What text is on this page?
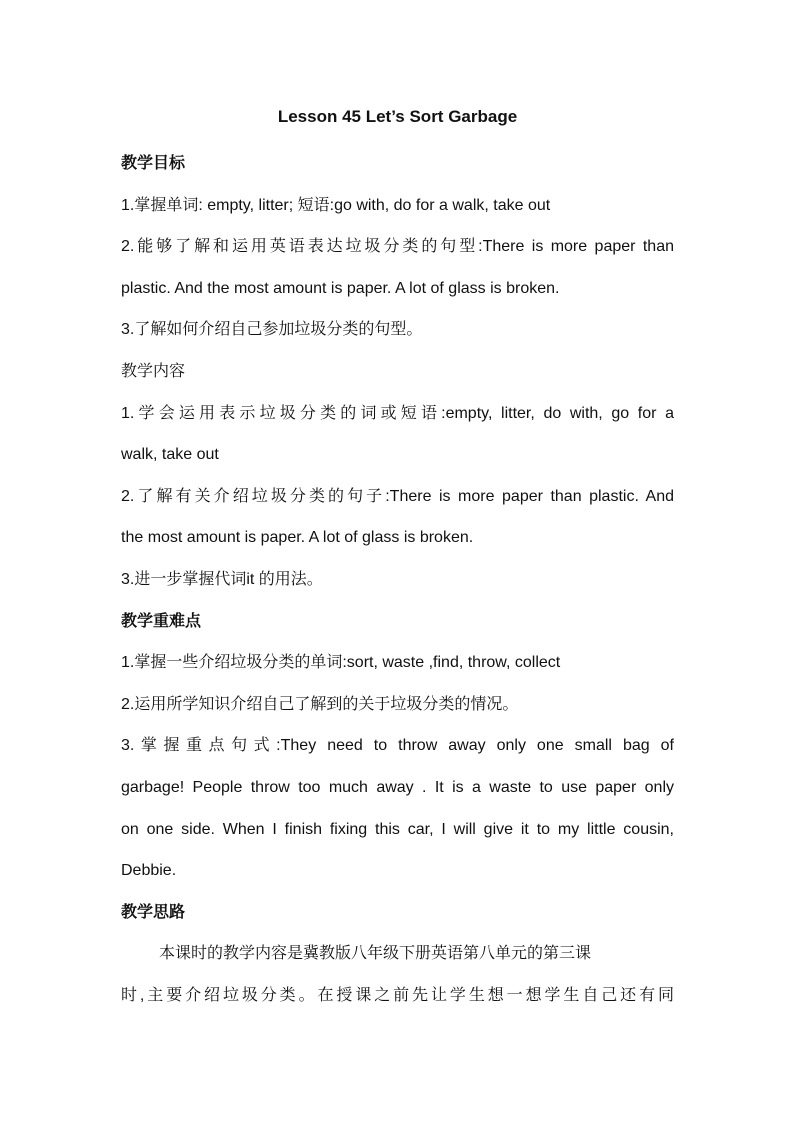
Lesson 45 Let’s Sort Garbage
教学目标
1.掌握单词: empty, litter; 短语:go with, do for a walk, take out
2.能够了解和运用英语表达垃圾分类的句型:There is more paper than
plastic. And the most amount is paper. A lot of glass is broken.
3.了解如何介绍自己参加垃圾分类的句型。
教学内容
1.学会运用表示垃圾分类的词或短语:empty, litter, do with, go for a
walk, take out
2.了解有关介绍垃圾分类的句子:There is more paper than plastic. And
the most amount is paper. A lot of glass is broken.
3.进一步掌握代词it 的用法。
教学重难点
1.掌握一些介绍垃圾分类的单词:sort, waste ,find, throw, collect
2.运用所学知识介绍自己了解到的关于垃圾分类的情况。
3.掌握重点句式:They need to throw away only one small bag of
garbage! People throw too much away . It is a waste to use paper only
on one side. When I finish fixing this car, I will give it to my little cousin,
Debbie.
教学思路
本课时的教学内容是冀教版八年级下册英语第八单元的第三课
时,主要介绍垃圾分类。在授课之前先让学生想一想学生自己还有同
